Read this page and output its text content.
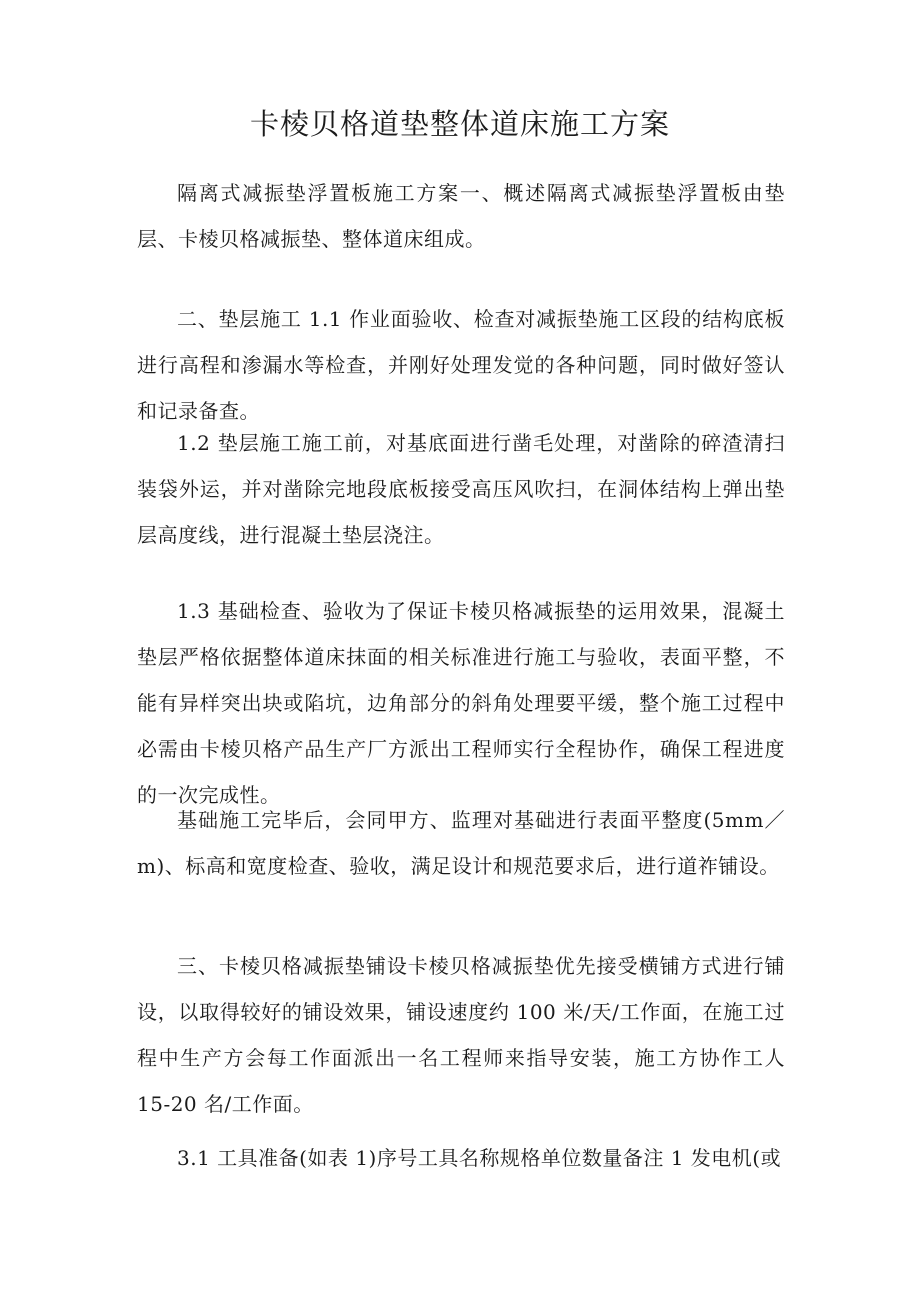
卡棱贝格道垫整体道床施工方案

隔离式减振垫浮置板施工方案一、概述隔离式减振垫浮置板由垫层、卡棱贝格减振垫、整体道床组成。

二、垫层施工 1.1 作业面验收、检查对减振垫施工区段的结构底板进行高程和渗漏水等检查，并刚好处理发觉的各种问题，同时做好签认和记录备查。

1.2 垫层施工施工前，对基底面进行凿毛处理，对凿除的碎渣清扫装袋外运，并对凿除完地段底板接受高压风吹扫，在洞体结构上弹出垫层高度线，进行混凝土垫层浇注。

1.3 基础检查、验收为了保证卡棱贝格减振垫的运用效果，混凝土垫层严格依据整体道床抹面的相关标准进行施工与验收，表面平整，不能有异样突出块或陷坑，边角部分的斜角处理要平缓，整个施工过程中必需由卡棱贝格产品生产厂方派出工程师实行全程协作，确保工程进度的一次完成性。

基础施工完毕后，会同甲方、监理对基础进行表面平整度(5mm／m)、标高和宽度检查、验收，满足设计和规范要求后，进行道祚铺设。

三、卡棱贝格减振垫铺设卡棱贝格减振垫优先接受横铺方式进行铺设，以取得较好的铺设效果，铺设速度约 100 米/天/工作面，在施工过程中生产方会每工作面派出一名工程师来指导安装，施工方协作工人 15-20 名/工作面。

3.1 工具准备(如表 1)序号工具名称规格单位数量备注 1 发电机(或
